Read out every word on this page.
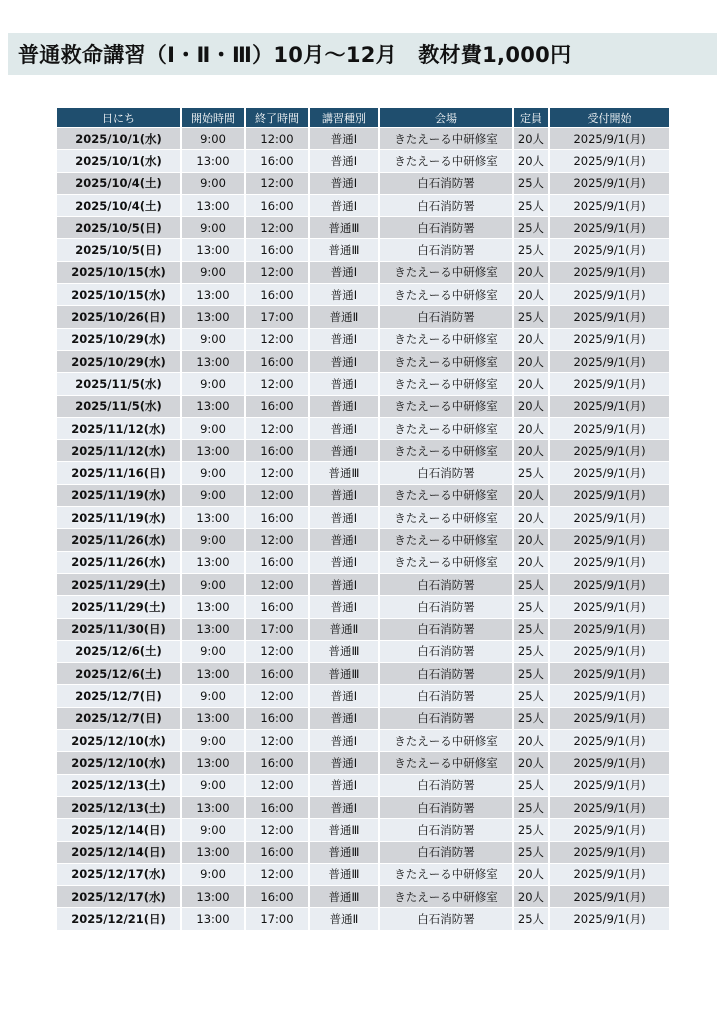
普通救命講習（Ⅰ・Ⅱ・Ⅲ）10月～12月　教材費1,000円
日にち	開始時間	終了時間	講習種別	会場	定員	受付開始
2025/10/1(水)	9:00	12:00	普通Ⅰ	きたえーる中研修室	20人	2025/9/1(月)
2025/10/1(水)	13:00	16:00	普通Ⅰ	きたえーる中研修室	20人	2025/9/1(月)
2025/10/4(土)	9:00	12:00	普通Ⅰ	白石消防署	25人	2025/9/1(月)
2025/10/4(土)	13:00	16:00	普通Ⅰ	白石消防署	25人	2025/9/1(月)
2025/10/5(日)	9:00	12:00	普通Ⅲ	白石消防署	25人	2025/9/1(月)
2025/10/5(日)	13:00	16:00	普通Ⅲ	白石消防署	25人	2025/9/1(月)
2025/10/15(水)	9:00	12:00	普通Ⅰ	きたえーる中研修室	20人	2025/9/1(月)
2025/10/15(水)	13:00	16:00	普通Ⅰ	きたえーる中研修室	20人	2025/9/1(月)
2025/10/26(日)	13:00	17:00	普通Ⅱ	白石消防署	25人	2025/9/1(月)
2025/10/29(水)	9:00	12:00	普通Ⅰ	きたえーる中研修室	20人	2025/9/1(月)
2025/10/29(水)	13:00	16:00	普通Ⅰ	きたえーる中研修室	20人	2025/9/1(月)
2025/11/5(水)	9:00	12:00	普通Ⅰ	きたえーる中研修室	20人	2025/9/1(月)
2025/11/5(水)	13:00	16:00	普通Ⅰ	きたえーる中研修室	20人	2025/9/1(月)
2025/11/12(水)	9:00	12:00	普通Ⅰ	きたえーる中研修室	20人	2025/9/1(月)
2025/11/12(水)	13:00	16:00	普通Ⅰ	きたえーる中研修室	20人	2025/9/1(月)
2025/11/16(日)	9:00	12:00	普通Ⅲ	白石消防署	25人	2025/9/1(月)
2025/11/19(水)	9:00	12:00	普通Ⅰ	きたえーる中研修室	20人	2025/9/1(月)
2025/11/19(水)	13:00	16:00	普通Ⅰ	きたえーる中研修室	20人	2025/9/1(月)
2025/11/26(水)	9:00	12:00	普通Ⅰ	きたえーる中研修室	20人	2025/9/1(月)
2025/11/26(水)	13:00	16:00	普通Ⅰ	きたえーる中研修室	20人	2025/9/1(月)
2025/11/29(土)	9:00	12:00	普通Ⅰ	白石消防署	25人	2025/9/1(月)
2025/11/29(土)	13:00	16:00	普通Ⅰ	白石消防署	25人	2025/9/1(月)
2025/11/30(日)	13:00	17:00	普通Ⅱ	白石消防署	25人	2025/9/1(月)
2025/12/6(土)	9:00	12:00	普通Ⅲ	白石消防署	25人	2025/9/1(月)
2025/12/6(土)	13:00	16:00	普通Ⅲ	白石消防署	25人	2025/9/1(月)
2025/12/7(日)	9:00	12:00	普通Ⅰ	白石消防署	25人	2025/9/1(月)
2025/12/7(日)	13:00	16:00	普通Ⅰ	白石消防署	25人	2025/9/1(月)
2025/12/10(水)	9:00	12:00	普通Ⅰ	きたえーる中研修室	20人	2025/9/1(月)
2025/12/10(水)	13:00	16:00	普通Ⅰ	きたえーる中研修室	20人	2025/9/1(月)
2025/12/13(土)	9:00	12:00	普通Ⅰ	白石消防署	25人	2025/9/1(月)
2025/12/13(土)	13:00	16:00	普通Ⅰ	白石消防署	25人	2025/9/1(月)
2025/12/14(日)	9:00	12:00	普通Ⅲ	白石消防署	25人	2025/9/1(月)
2025/12/14(日)	13:00	16:00	普通Ⅲ	白石消防署	25人	2025/9/1(月)
2025/12/17(水)	9:00	12:00	普通Ⅲ	きたえーる中研修室	20人	2025/9/1(月)
2025/12/17(水)	13:00	16:00	普通Ⅲ	きたえーる中研修室	20人	2025/9/1(月)
2025/12/21(日)	13:00	17:00	普通Ⅱ	白石消防署	25人	2025/9/1(月)
